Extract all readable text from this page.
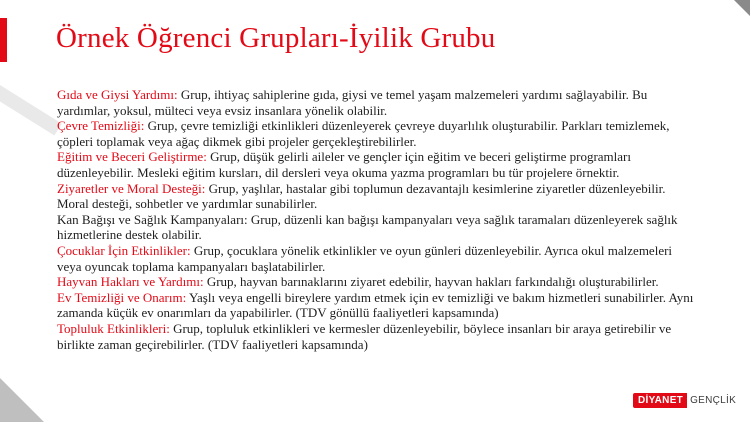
Örnek Öğrenci Grupları-İyilik Grubu

Gıda ve Giysi Yardımı: Grup, ihtiyaç sahiplerine gıda, giysi ve temel yaşam malzemeleri yardımı sağlayabilir. Bu yardımlar, yoksul, mülteci veya evsiz insanlara yönelik olabilir.

Çevre Temizliği: Grup, çevre temizliği etkinlikleri düzenleyerek çevreye duyarlılık oluşturabilir. Parkları temizlemek, çöpleri toplamak veya ağaç dikmek gibi projeler gerçekleştirebilirler.

Eğitim ve Beceri Geliştirme: Grup, düşük gelirli aileler ve gençler için eğitim ve beceri geliştirme programları düzenleyebilir. Mesleki eğitim kursları, dil dersleri veya okuma yazma programları bu tür projelere örnektir.

Ziyaretler ve Moral Desteği: Grup, yaşlılar, hastalar gibi toplumun dezavantajlı kesimlerine ziyaretler düzenleyebilir. Moral desteği, sohbetler ve yardımlar sunabilirler.

Kan Bağışı ve Sağlık Kampanyaları: Grup, düzenli kan bağışı kampanyaları veya sağlık taramaları düzenleyerek sağlık hizmetlerine destek olabilir.

Çocuklar İçin Etkinlikler: Grup, çocuklara yönelik etkinlikler ve oyun günleri düzenleyebilir. Ayrıca okul malzemeleri veya oyuncak toplama kampanyaları başlatabilirler.

Hayvan Hakları ve Yardımı: Grup, hayvan barınaklarını ziyaret edebilir, hayvan hakları farkındalığı oluşturabilirler.

Ev Temizliği ve Onarım: Yaşlı veya engelli bireylere yardım etmek için ev temizliği ve bakım hizmetleri sunabilirler. Aynı zamanda küçük ev onarımları da yapabilirler. (TDV gönüllü faaliyetleri kapsamında)

Topluluk Etkinlikleri: Grup, topluluk etkinlikleri ve kermesler düzenleyebilir, böylece insanları bir araya getirebilir ve birlikte zaman geçirebilirler. (TDV faaliyetleri kapsamında)

DİYANET GENÇLİK
